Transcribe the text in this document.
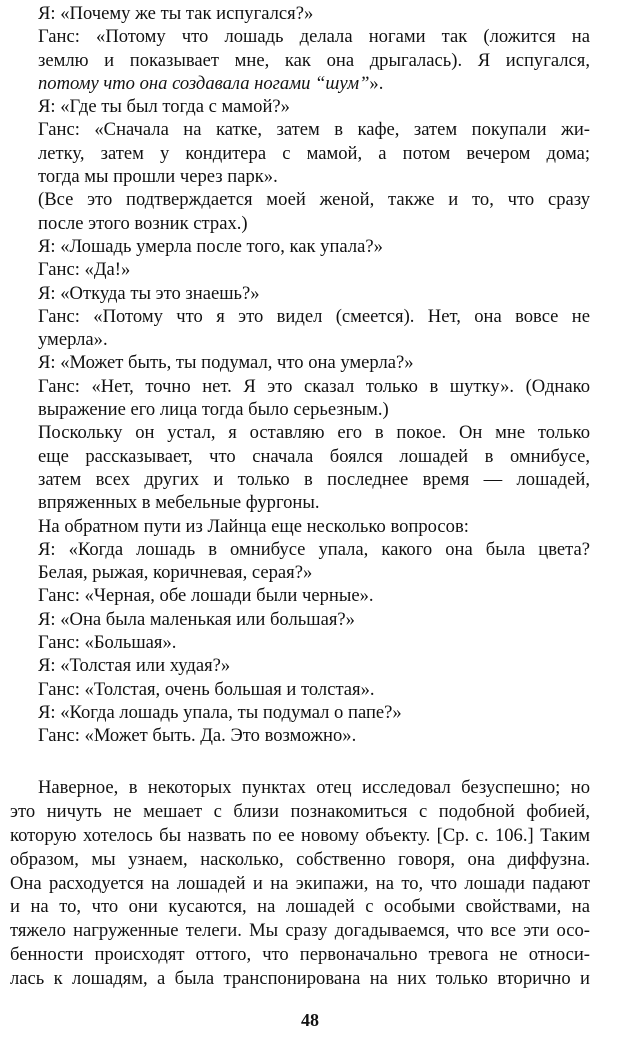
Я: «Почему же ты так испугался?»
Ганс: «Потому что лошадь делала ногами так (ложится на
землю и показывает мне, как она дрыгалась). Я испугался,
потому что она создавала ногами “шум”».
Я: «Где ты был тогда с мамой?»
Ганс: «Сначала на катке, затем в кафе, затем покупали жи-
летку, затем у кондитера с мамой, а потом вечером дома;
тогда мы прошли через парк».
(Все это подтверждается моей женой, также и то, что сразу
после этого возник страх.)
Я: «Лошадь умерла после того, как упала?»
Ганс: «Да!»
Я: «Откуда ты это знаешь?»
Ганс: «Потому что я это видел (смеется). Нет, она вовсе не
умерла».
Я: «Может быть, ты подумал, что она умерла?»
Ганс: «Нет, точно нет. Я это сказал только в шутку». (Однако
выражение его лица тогда было серьезным.)
Поскольку он устал, я оставляю его в покое. Он мне только
еще рассказывает, что сначала боялся лошадей в омнибусе,
затем всех других и только в последнее время — лошадей,
впряженных в мебельные фургоны.
На обратном пути из Лайнца еще несколько вопросов:
Я: «Когда лошадь в омнибусе упала, какого она была цвета?
Белая, рыжая, коричневая, серая?»
Ганс: «Черная, обе лошади были черные».
Я: «Она была маленькая или большая?»
Ганс: «Большая».
Я: «Толстая или худая?»
Ганс: «Толстая, очень большая и толстая».
Я: «Когда лошадь упала, ты подумал о папе?»
Ганс: «Может быть. Да. Это возможно».
Наверное, в некоторых пунктах отец исследовал безуспешно; но
это ничуть не мешает с близи познакомиться с подобной фобией,
которую хотелось бы назвать по ее новому объекту. [Ср. с. 106.] Таким
образом, мы узнаем, насколько, собственно говоря, она диффузна.
Она расходуется на лошадей и на экипажи, на то, что лошади падают
и на то, что они кусаются, на лошадей с особыми свойствами, на
тяжело нагруженные телеги. Мы сразу догадываемся, что все эти осо-
бенности происходят оттого, что первоначально тревога не относи-
лась к лошадям, а была транспонирована на них только вторично и
48
